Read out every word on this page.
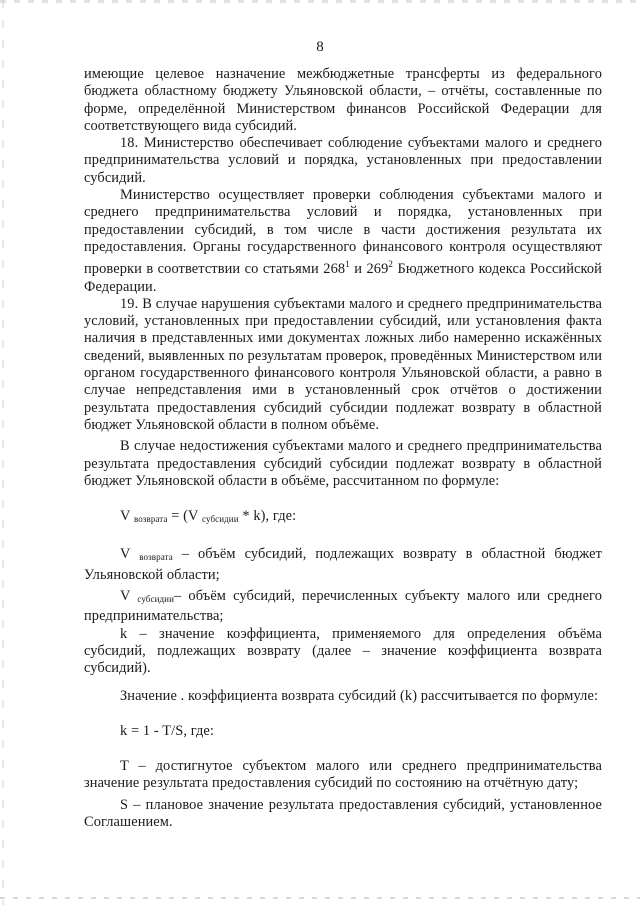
8

имеющие целевое назначение межбюджетные трансферты из федерального бюджета областному бюджету Ульяновской области, – отчёты, составленные по форме, определённой Министерством финансов Российской Федерации для соответствующего вида субсидий.

18. Министерство обеспечивает соблюдение субъектами малого и среднего предпринимательства условий и порядка, установленных при предоставлении субсидий.

Министерство осуществляет проверки соблюдения субъектами малого и среднего предпринимательства условий и порядка, установленных при предоставлении субсидий, в том числе в части достижения результата их предоставления. Органы государственного финансового контроля осуществляют проверки в соответствии со статьями $268^1$ и $269^2$ Бюджетного кодекса Российской Федерации.

19. В случае нарушения субъектами малого и среднего предпринимательства условий, установленных при предоставлении субсидий, или установления факта наличия в представленных ими документах ложных либо намеренно искажённых сведений, выявленных по результатам проверок, проведённых Министерством или органом государственного финансового контроля Ульяновской области, а равно в случае непредставления ими в установленный срок отчётов о достижении результата предоставления субсидий субсидии подлежат возврату в областной бюджет Ульяновской области в полном объёме.

В случае недостижения субъектами малого и среднего предпринимательства результата предоставления субсидий субсидии подлежат возврату в областной бюджет Ульяновской области в объёме, рассчитанном по формуле:

V $_{возврата}$ = (V $_{субсидии}$ * k), где:

V $_{возврата}$ – объём субсидий, подлежащих возврату в областной бюджет Ульяновской области;

V $_{субсидии}$– объём субсидий, перечисленных субъекту малого или среднего предпринимательства;

k – значение коэффициента, применяемого для определения объёма субсидий, подлежащих возврату (далее – значение коэффициента возврата субсидий).

Значение . коэффициента возврата субсидий (k) рассчитывается по формуле:

k = 1 - T/S, где:

T – достигнутое субъектом малого или среднего предпринимательства значение результата предоставления субсидий по состоянию на отчётную дату;

S – плановое значение результата предоставления субсидий, установленное Соглашением.
